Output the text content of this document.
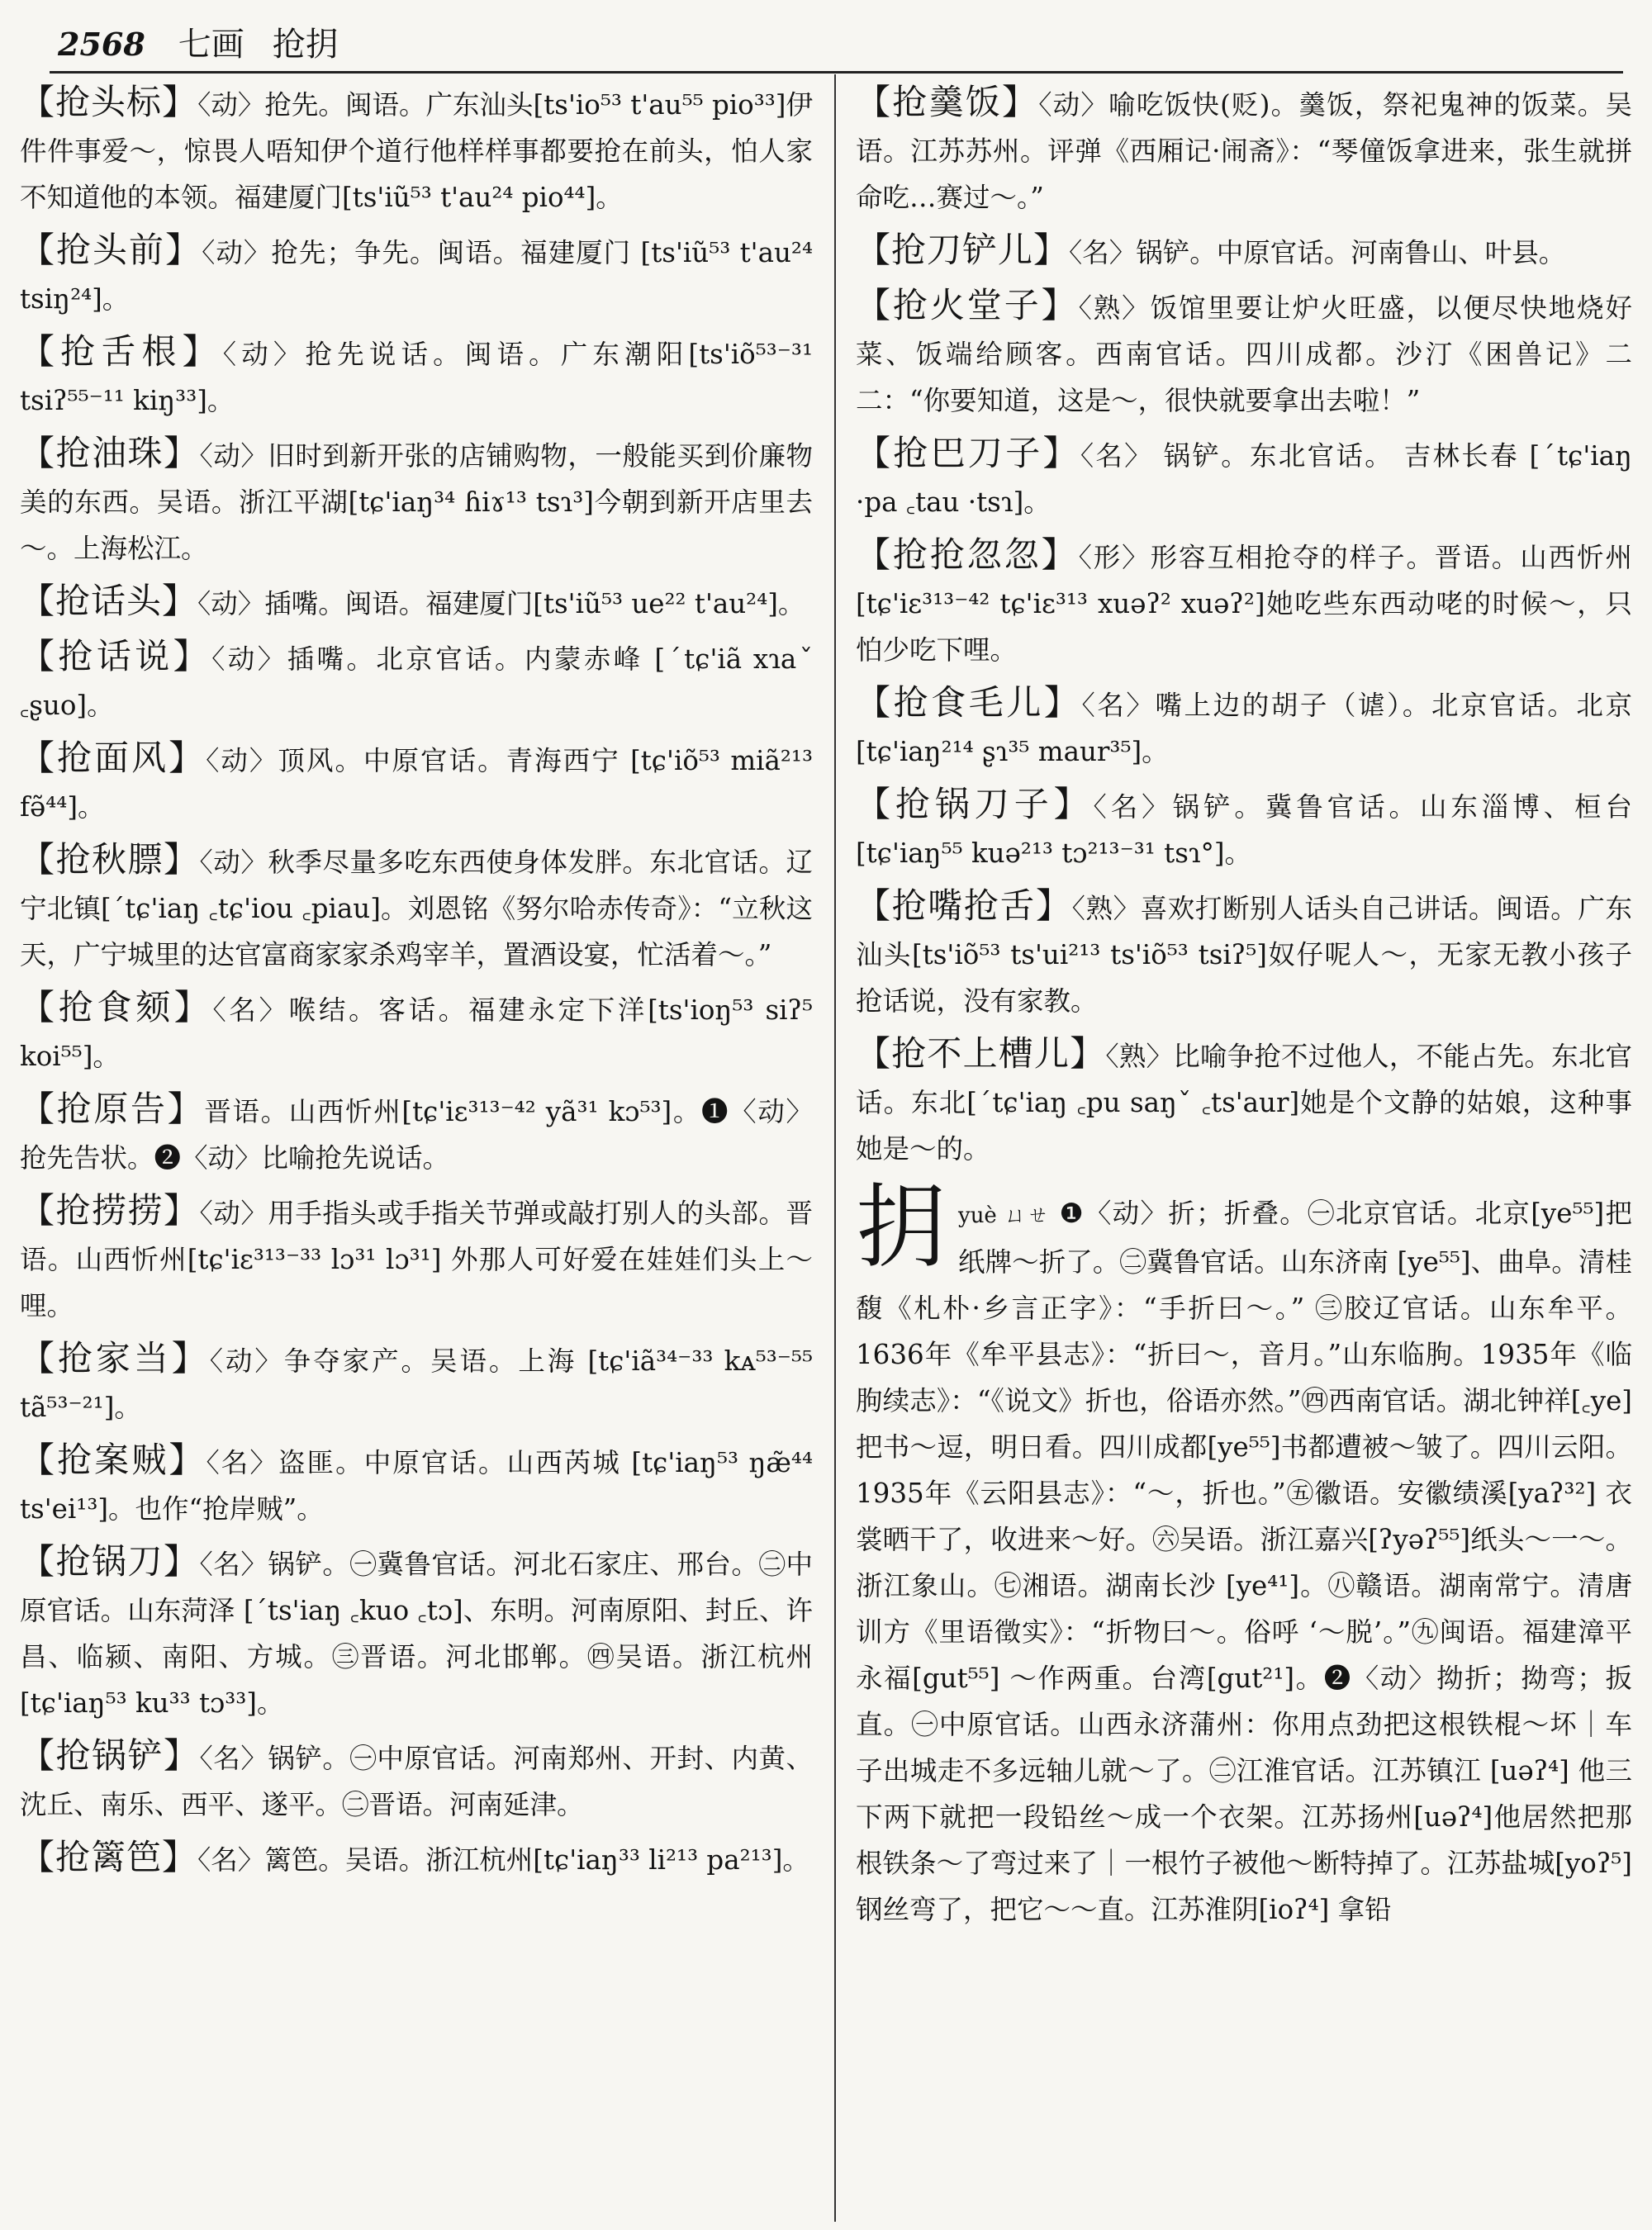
2568 七画 抢抈
【抢头标】〈动〉抢先。闽语。广东汕头[ts'io⁵³ t'au⁵⁵ pio³³]伊件件事爱～，惊畏人唔知伊个道行他样样事都要抢在前头，怕人家不知道他的本领。福建厦门[ts'iũ⁵³ t'au²⁴ pio⁴⁴]。
【抢头前】〈动〉抢先；争先。闽语。福建厦门 [ts'iũ⁵³ t'au²⁴ tsiŋ²⁴]。
【抢舌根】〈动〉抢先说话。闽语。广东潮阳[ts'iõ⁵³⁻³¹ tsiʔ⁵⁵⁻¹¹ kiŋ³³]。
【抢油珠】〈动〉旧时到新开张的店铺购物，一般能买到价廉物美的东西。吴语。浙江平湖[tɕ'iaŋ³⁴ ɦiɤ¹³ tsɿ³]今朝到新开店里去～。上海松江。
【抢话头】〈动〉插嘴。闽语。福建厦门[ts'iũ⁵³ ue²² t'au²⁴]。
【抢话说】〈动〉插嘴。北京官话。内蒙赤峰 [ˊtɕ'iã xɿaˇ ꜀ʂuo]。
【抢面风】〈动〉顶风。中原官话。青海西宁 [tɕ'iõ⁵³ miã²¹³ fə̃⁴⁴]。
【抢秋膘】〈动〉秋季尽量多吃东西使身体发胖。东北官话。辽宁北镇[ˊtɕ'iaŋ ꜀tɕ'iou ꜀piau]。刘恩铭《努尔哈赤传奇》：“立秋这天，广宁城里的达官富商家家杀鸡宰羊，置酒设宴，忙活着～。”
【抢食颏】〈名〉喉结。客话。福建永定下洋[ts'ioŋ⁵³ siʔ⁵ koi⁵⁵]。
【抢原告】晋语。山西忻州[tɕ'iɛ³¹³⁻⁴² yã³¹ kɔ⁵³]。❶〈动〉抢先告状。❷〈动〉比喻抢先说话。
【抢捞捞】〈动〉用手指头或手指关节弹或敲打别人的头部。晋语。山西忻州[tɕ'iɛ³¹³⁻³³ lɔ³¹ lɔ³¹] 外那人可好爱在娃娃们头上～哩。
【抢家当】〈动〉争夺家产。吴语。上海 [tɕ'iã³⁴⁻³³ kᴀ⁵³⁻⁵⁵ tã⁵³⁻²¹]。
【抢案贼】〈名〉盗匪。中原官话。山西芮城 [tɕ'iaŋ⁵³ ŋæ̃⁴⁴ ts'ei¹³]。也作“抢岸贼”。
【抢锅刀】〈名〉锅铲。㊀冀鲁官话。河北石家庄、邢台。㊁中原官话。山东菏泽 [ˊts'iaŋ ꜀kuo ꜀tɔ]、东明。河南原阳、封丘、许昌、临颍、南阳、方城。㊂晋语。河北邯郸。㊃吴语。浙江杭州[tɕ'iaŋ⁵³ ku³³ tɔ³³]。
【抢锅铲】〈名〉锅铲。㊀中原官话。河南郑州、开封、内黄、沈丘、南乐、西平、遂平。㊁晋语。河南延津。
【抢篱笆】〈名〉篱笆。吴语。浙江杭州[tɕ'iaŋ³³ li²¹³ pa²¹³]。
【抢羹饭】〈动〉喻吃饭快(贬)。羹饭，祭祀鬼神的饭菜。吴语。江苏苏州。评弹《西厢记·闹斋》：“琴僮饭拿进来，张生就拼命吃…赛过～。”
【抢刀铲儿】〈名〉锅铲。中原官话。河南鲁山、叶县。
【抢火堂子】〈熟〉饭馆里要让炉火旺盛，以便尽快地烧好菜、饭端给顾客。西南官话。四川成都。沙汀《困兽记》二二：“你要知道，这是～，很快就要拿出去啦！”
【抢巴刀子】〈名〉 锅铲。东北官话。 吉林长春 [ˊtɕ'iaŋ ·pa ꜀tau ·tsɿ]。
【抢抢忽忽】〈形〉形容互相抢夺的样子。晋语。山西忻州[tɕ'iɛ³¹³⁻⁴² tɕ'iɛ³¹³ xuəʔ² xuəʔ²]她吃些东西动咾的时候～，只怕少吃下哩。
【抢食毛儿】〈名〉嘴上边的胡子（谑）。北京官话。北京[tɕ'iaŋ²¹⁴ ʂɿ³⁵ maur³⁵]。
【抢锅刀子】〈名〉锅铲。冀鲁官话。山东淄博、桓台[tɕ'iaŋ⁵⁵ kuə²¹³ tɔ²¹³⁻³¹ tsɿ°]。
【抢嘴抢舌】〈熟〉喜欢打断别人话头自己讲话。闽语。广东汕头[ts'iõ⁵³ ts'ui²¹³ ts'iõ⁵³ tsiʔ⁵]奴仔呢人～，无家无教小孩子抢话说，没有家教。
【抢不上槽儿】〈熟〉比喻争抢不过他人，不能占先。东北官话。东北[ˊtɕ'iaŋ ꜀pu saŋˇ ꜀ts'aur]她是个文静的姑娘，这种事她是～的。
抈 yuè ㄩㄝ ❶〈动〉折；折叠。㊀北京官话。北京[ye⁵⁵]把纸牌～折了。㊁冀鲁官话。山东济南 [ye⁵⁵]、曲阜。清桂馥《札朴·乡言正字》：“手折曰～。” ㊂胶辽官话。山东牟平。1636年《牟平县志》：“折曰～，音月。”山东临朐。1935年《临朐续志》：“《说文》折也，俗语亦然。”㊃西南官话。湖北钟祥[꜀ye] 把书～逗，明日看。四川成都[ye⁵⁵]书都遭被～皱了。四川云阳。1935年《云阳县志》：“～，折也。”㊄徽语。安徽绩溪[yaʔ³²] 衣裳晒干了，收进来～好。㊅吴语。浙江嘉兴[ʔyəʔ⁵⁵]纸头～一～。浙江象山。㊆湘语。湖南长沙 [ye⁴¹]。㊇赣语。湖南常宁。清唐训方《里语徵实》：“折物曰～。俗呼 ‘～脱’。”㊈闽语。福建漳平永福[gut⁵⁵] ～作两重。台湾[gut²¹]。❷〈动〉拗折；拗弯；扳直。㊀中原官话。山西永济蒲州：你用点劲把这根铁棍～坏｜车子出城走不多远轴儿就～了。㊁江淮官话。江苏镇江 [uəʔ⁴] 他三下两下就把一段铅丝～成一个衣架。江苏扬州[uəʔ⁴]他居然把那根铁条～了弯过来了｜一根竹子被他～断特掉了。江苏盐城[yoʔ⁵]钢丝弯了，把它～～直。江苏淮阴[ioʔ⁴] 拿铅
